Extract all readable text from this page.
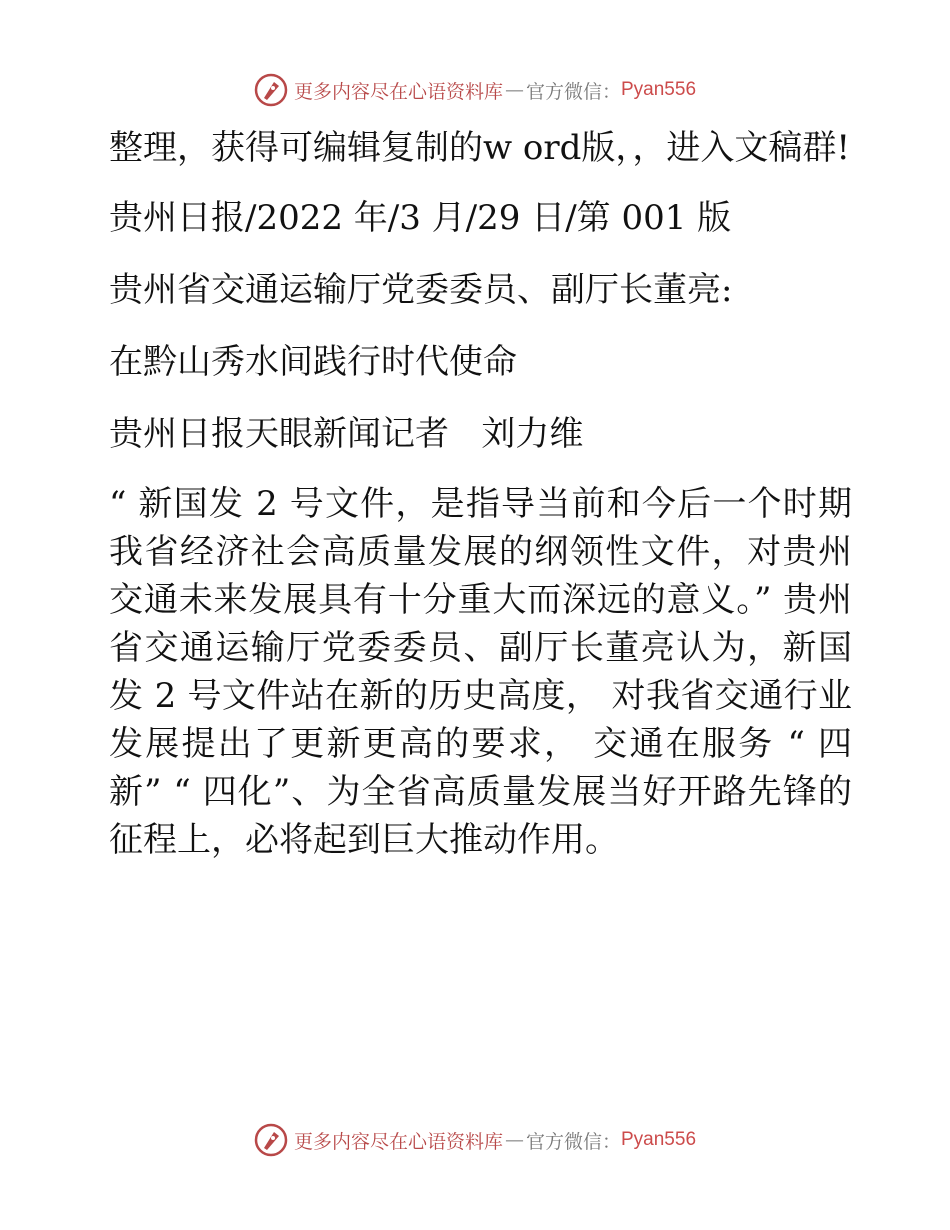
更多内容尽在心语资料库 — 官方微信： Pyan556
整理，获得可编辑复制的w ord版，，进入文稿群!
贵州日报/2022 年/3 月/29 日/第 001 版
贵州省交通运输厅党委委员、副厅长董亮:
在黔山秀水间践行时代使命
贵州日报天眼新闻记者   刘力维
“ 新国发 2 号文件，是指导当前和今后一个时期我省经济社会高质量发展的纲领性文件，对贵州交通未来发展具有十分重大而深远的意义。” 贵州省交通运输厅党委委员、副厅长董亮认为，新国发 2 号文件站在新的历史高度， 对我省交通行业发展提出了更新更高的要求， 交通在服务 “ 四新” “ 四化”、为全省高质量发展当好开路先锋的征程上，必将起到巨大推动作用。
更多内容尽在心语资料库 — 官方微信： Pyan556
